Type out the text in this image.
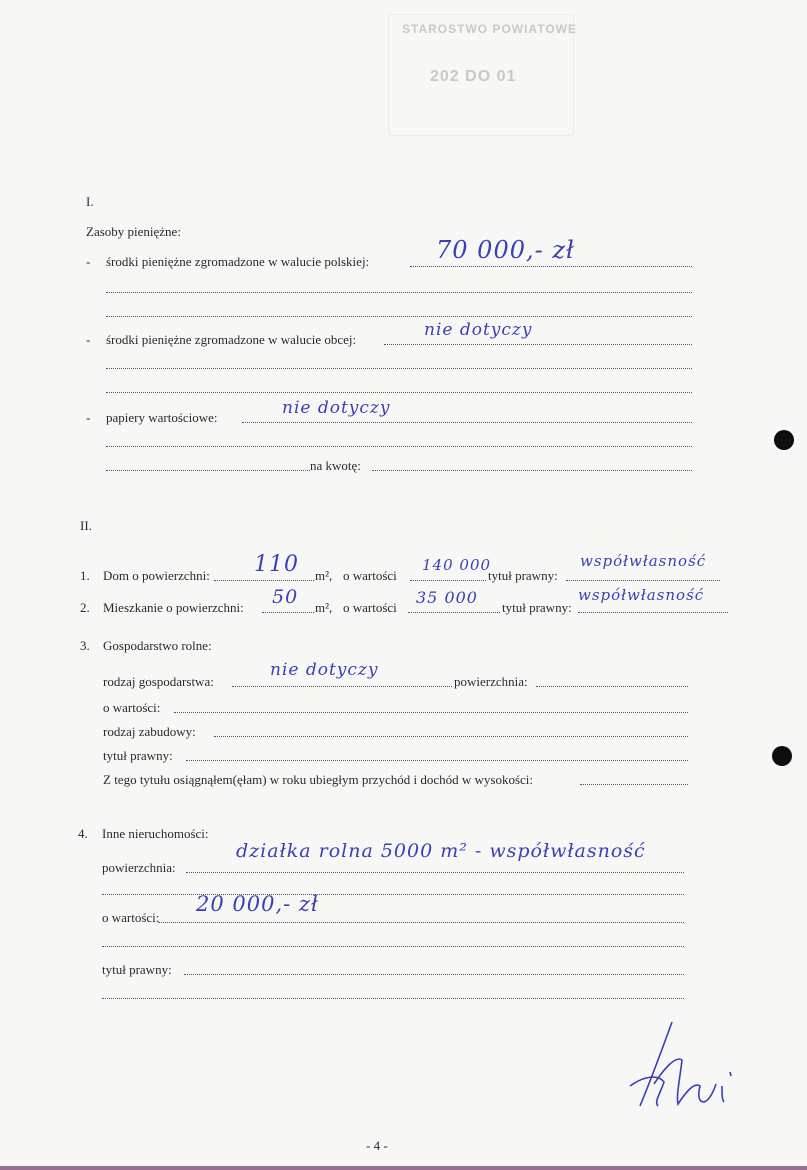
STAROSTWO POWIATOWE
202 DO 01
I.
Zasoby pieniężne:
- środki pieniężne zgromadzone w walucie polskiej:	70 000,- zł
- środki pieniężne zgromadzone w walucie obcej:	nie dotyczy
- papiery wartościowe:	nie dotyczy
na kwotę:
II.
1. Dom o powierzchni: 110 m², o wartości
140 000
tytuł prawny:
współwłasność
2. Mieszkanie o powierzchni: 50 m², o wartości
35 000
tytuł prawny:
współwłasność
3. Gospodarstwo rolne:
rodzaj gospodarstwa:
nie dotyczy
powierzchnia:
o wartości:
rodzaj zabudowy:
tytuł prawny:
Z tego tytułu osiągnąłem(ęłam) w roku ubiegłym przychód i dochód w wysokości:
4. Inne nieruchomości:
powierzchnia:
działka rolna 5000 m² - współwłasność
o wartości:
20 000,- zł
tytuł prawny:
- 4 -
